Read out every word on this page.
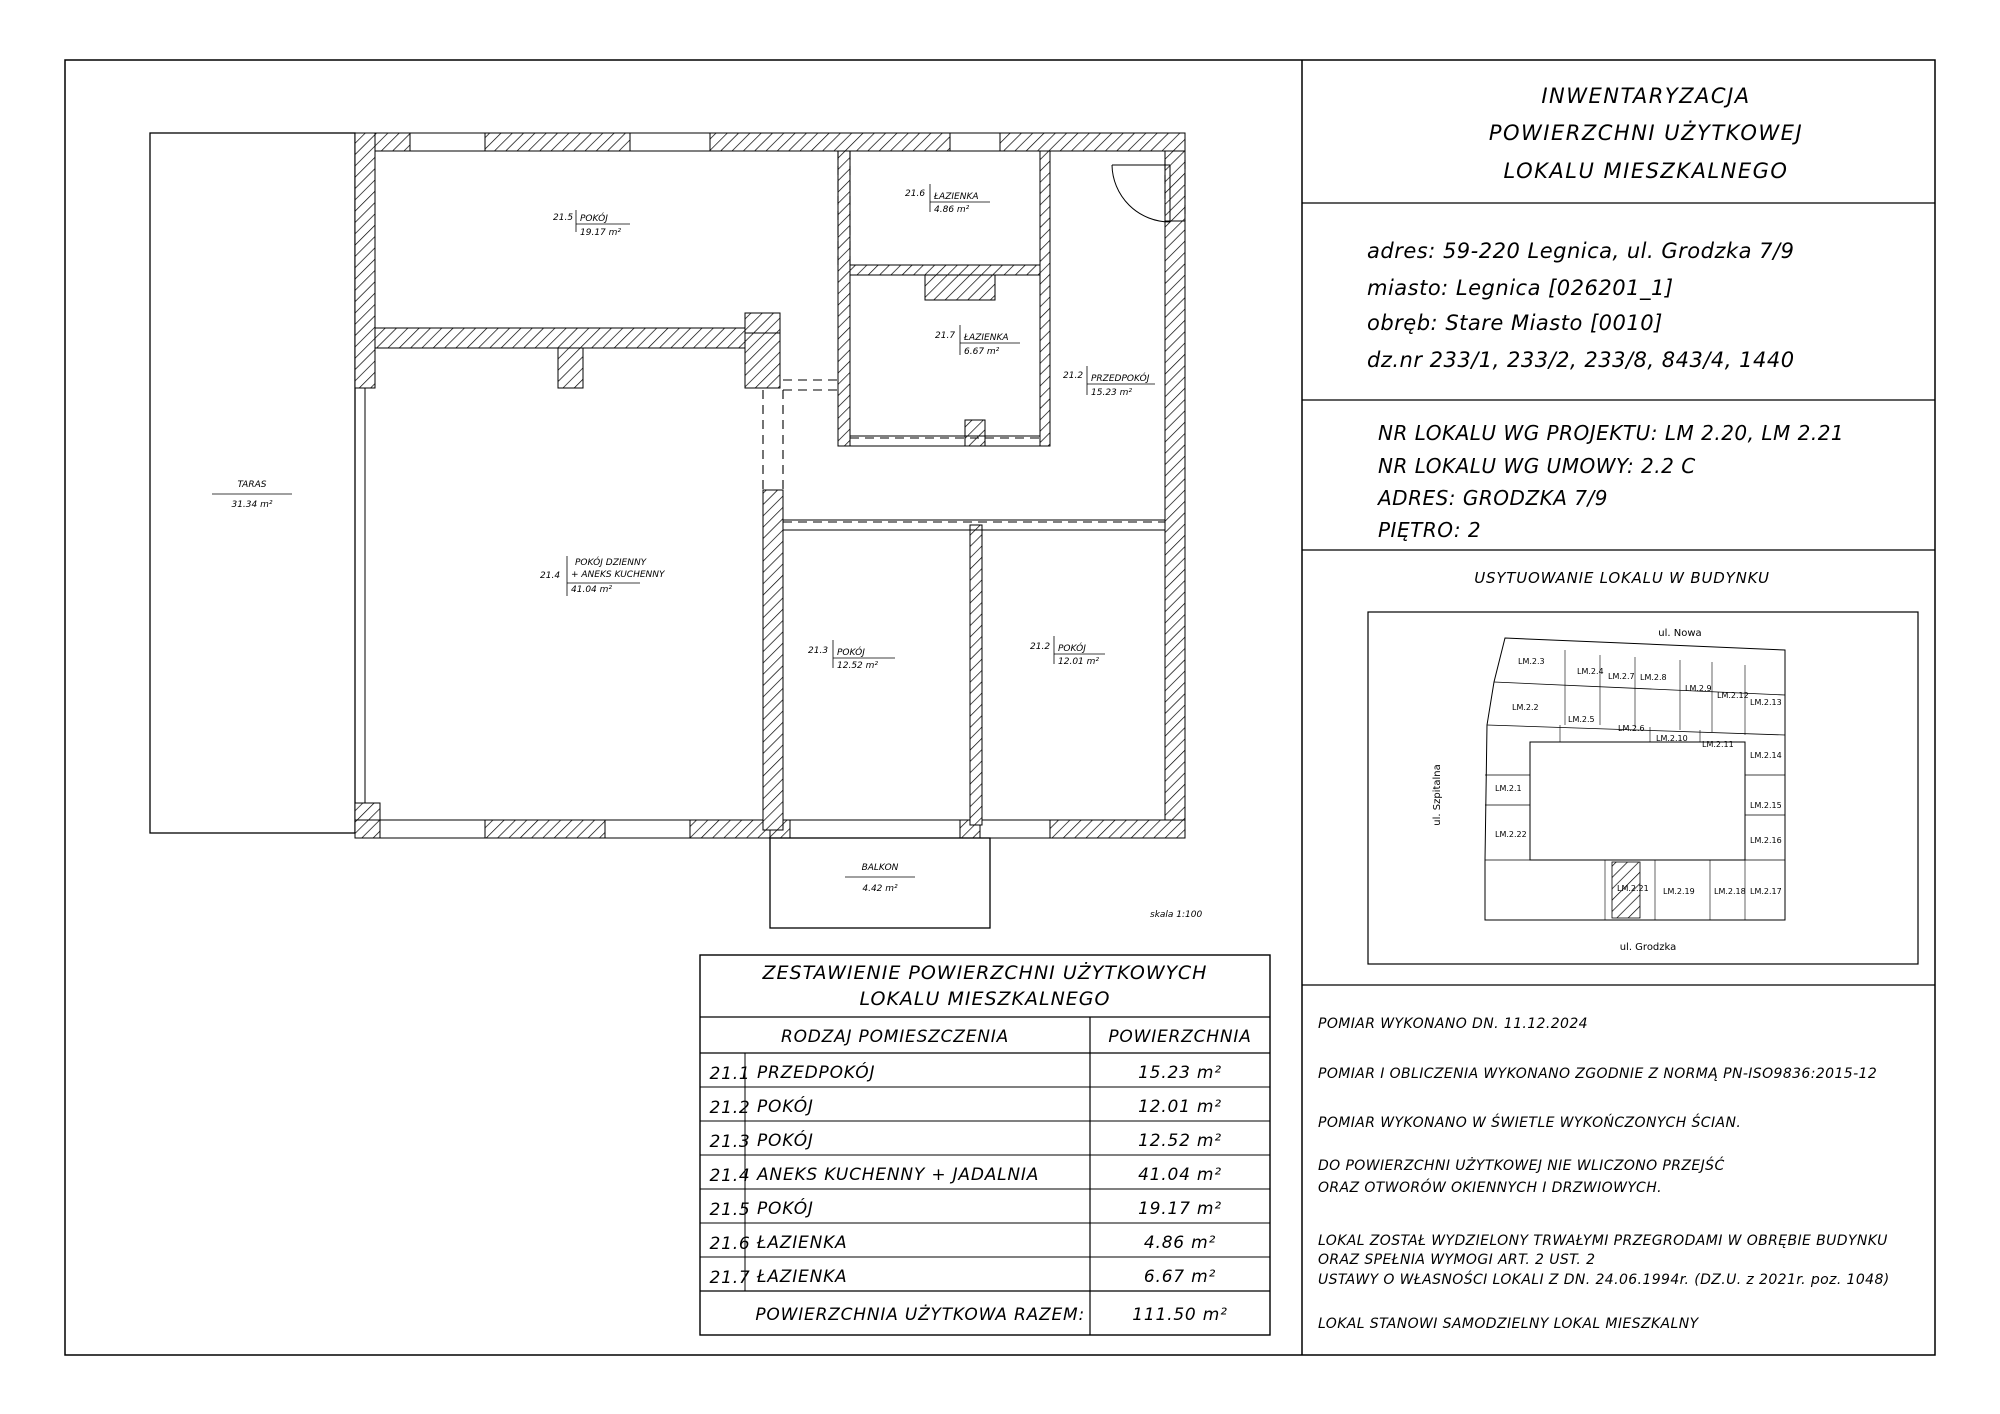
INWENTARYZACJA
POWIERZCHNI UŻYTKOWEJ
LOKALU MIESZKALNEGO
adres: 59-220 Legnica, ul. Grodzka 7/9
miasto: Legnica [026201_1]
obręb: Stare Miasto [0010]
dz.nr 233/1, 233/2, 233/8, 843/4, 1440
NR LOKALU WG PROJEKTU: LM 2.20, LM 2.21
NR LOKALU WG UMOWY: 2.2 C
ADRES: GRODZKA 7/9
PIĘTRO: 2
USYTUOWANIE LOKALU W BUDYNKU
ul. Nowa
ul. Szpitalna
ul. Grodzka
LM.2.3
LM.2.4
LM.2.7 LM.2.8
LM.2.9
LM.2.12
LM.2.13
LM.2.2
LM.2.5
LM.2.6
LM.2.10
LM.2.11
LM.2.14
LM.2.1
LM.2.15
LM.2.22
LM.2.16
LM.2.21 LM.2.19 LM.2.18 LM.2.17
POMIAR WYKONANO DN. 11.12.2024
POMIAR I OBLICZENIA WYKONANO ZGODNIE Z NORMĄ PN-ISO9836:2015-12
POMIAR WYKONANO W ŚWIETLE WYKOŃCZONYCH ŚCIAN.
DO POWIERZCHNI UŻYTKOWEJ NIE WLICZONO PRZEJŚĆ
ORAZ OTWORÓW OKIENNYCH I DRZWIOWYCH.
LOKAL ZOSTAŁ WYDZIELONY TRWAŁYMI PRZEGRODAMI W OBRĘBIE BUDYNKU
ORAZ SPEŁNIA WYMOGI ART. 2 UST. 2
USTAWY O WŁASNOŚCI LOKALI Z DN. 24.06.1994r. (DZ.U. z 2021r. poz. 1048)
LOKAL STANOWI SAMODZIELNY LOKAL MIESZKALNY
21.5 POKÓJ
19.17 m²
21.6 ŁAZIENKA
4.86 m²
21.7 ŁAZIENKA
6.67 m²
21.2 PRZEDPOKÓJ
15.23 m²
21.4
POKÓJ DZIENNY
+ ANEKS KUCHENNY
41.04 m²
21.3 POKÓJ
12.52 m²
21.2 POKÓJ
12.01 m²
TARAS
31.34 m²
BALKON
4.42 m²
skala 1:100
ZESTAWIENIE POWIERZCHNI UŻYTKOWYCH
LOKALU MIESZKALNEGO
RODZAJ POMIESZCZENIA	POWIERZCHNIA
21.1 PRZEDPOKÓJ	15.23 m²
21.2 POKÓJ	12.01 m²
21.3 POKÓJ	12.52 m²
21.4 ANEKS KUCHENNY + JADALNIA	41.04 m²
21.5 POKÓJ	19.17 m²
21.6 ŁAZIENKA	4.86 m²
21.7 ŁAZIENKA	6.67 m²
POWIERZCHNIA UŻYTKOWA RAZEM:	111.50 m²
